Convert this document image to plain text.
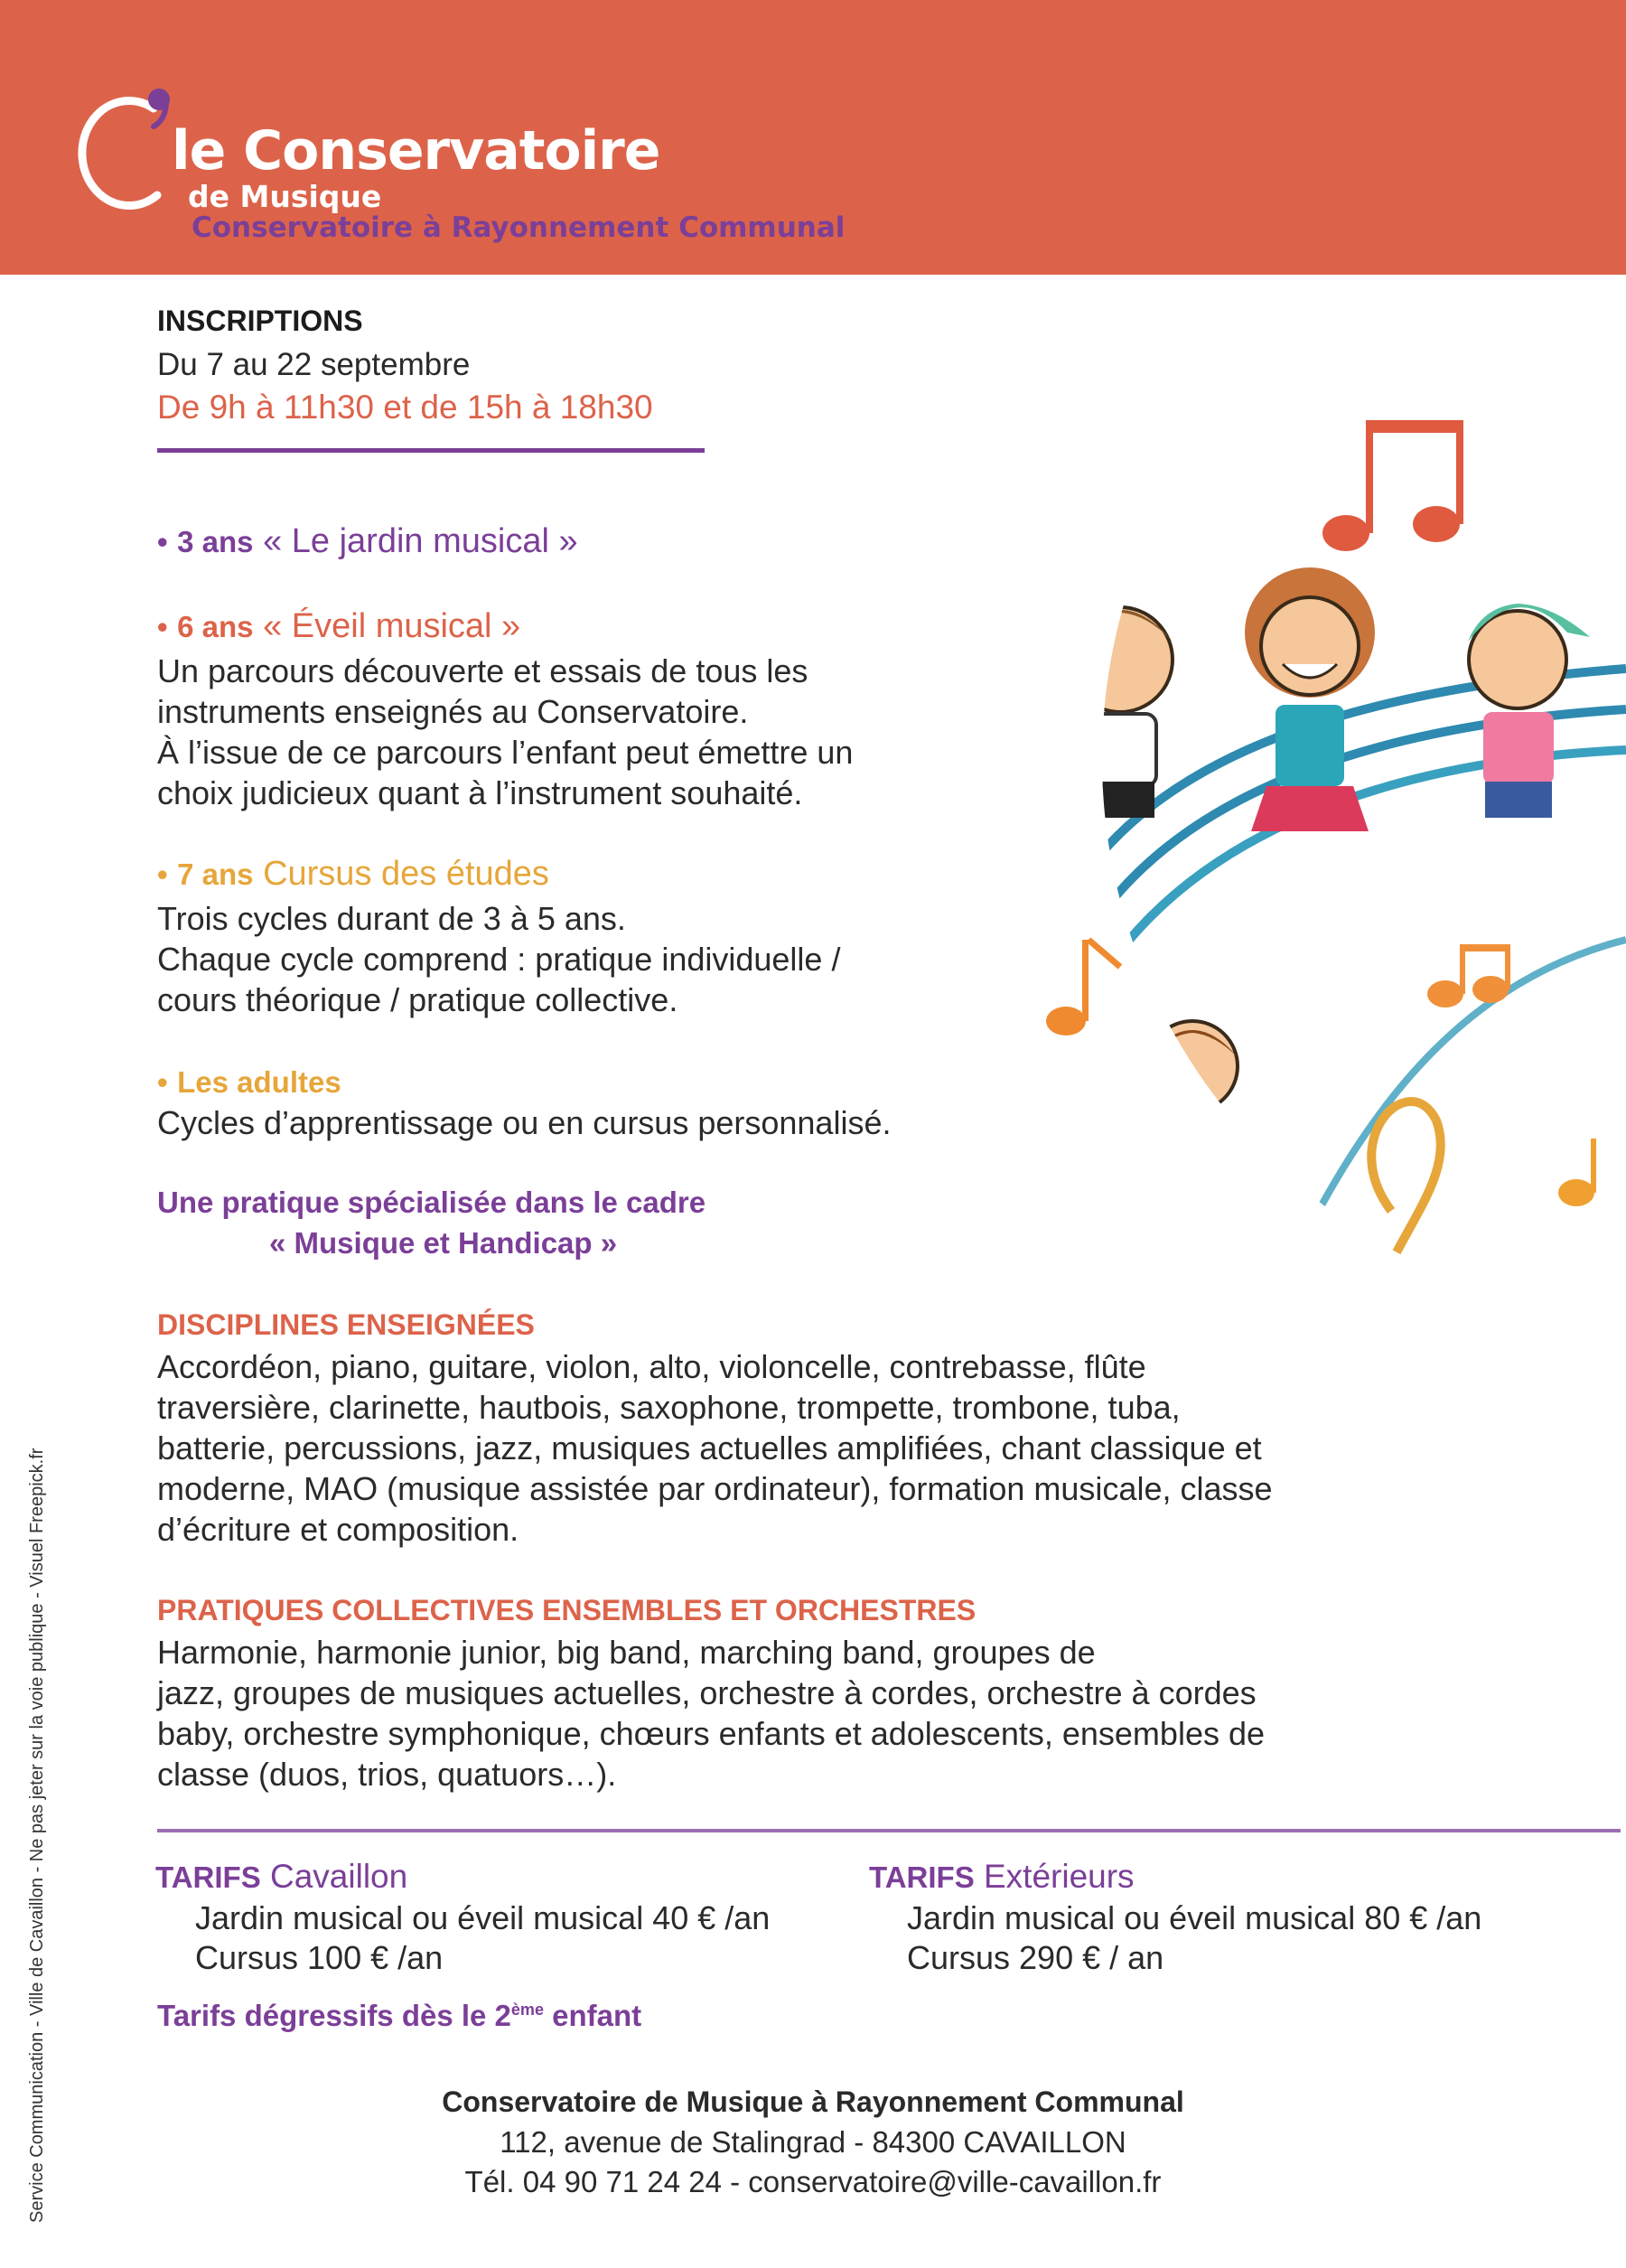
le Conservatoire
de Musique
Conservatoire à Rayonnement Communal
INSCRIPTIONS
Du 7 au 22 septembre
De 9h à 11h30 et de 15h à 18h30
• 3 ans « Le jardin musical »
• 6 ans « Éveil musical »
Un parcours découverte et essais de tous les
instruments enseignés au Conservatoire.
À l’issue de ce parcours l’enfant peut émettre un
choix judicieux quant à l’instrument souhaité.
• 7 ans Cursus des études
Trois cycles durant de 3 à 5 ans.
Chaque cycle comprend : pratique individuelle /
cours théorique / pratique collective.
• Les adultes
Cycles d’apprentissage ou en cursus personnalisé.
Une pratique spécialisée dans le cadre
« Musique et Handicap »
DISCIPLINES ENSEIGNÉES
Accordéon, piano, guitare, violon, alto, violoncelle, contrebasse, flûte
traversière, clarinette, hautbois, saxophone, trompette, trombone, tuba,
batterie, percussions, jazz, musiques actuelles amplifiées, chant classique et
moderne, MAO (musique assistée par ordinateur), formation musicale, classe
d’écriture et composition.
PRATIQUES COLLECTIVES ENSEMBLES ET ORCHESTRES
Harmonie, harmonie junior, big band, marching band, groupes de
jazz, groupes de musiques actuelles, orchestre à cordes, orchestre à cordes
baby, orchestre symphonique, chœurs enfants et adolescents, ensembles de
classe (duos, trios, quatuors…).
TARIFS Cavaillon
Jardin musical ou éveil musical 40 € /an
Cursus 100 € /an
TARIFS Extérieurs
Jardin musical ou éveil musical 80 € /an
Cursus 290 € / an
Tarifs dégressifs dès le 2ème enfant
Conservatoire de Musique à Rayonnement Communal
112, avenue de Stalingrad - 84300 CAVAILLON
Tél. 04 90 71 24 24 - conservatoire@ville-cavaillon.fr
Service Communication - Ville de Cavaillon - Ne pas jeter sur la voie publique - Visuel Freepick.fr
